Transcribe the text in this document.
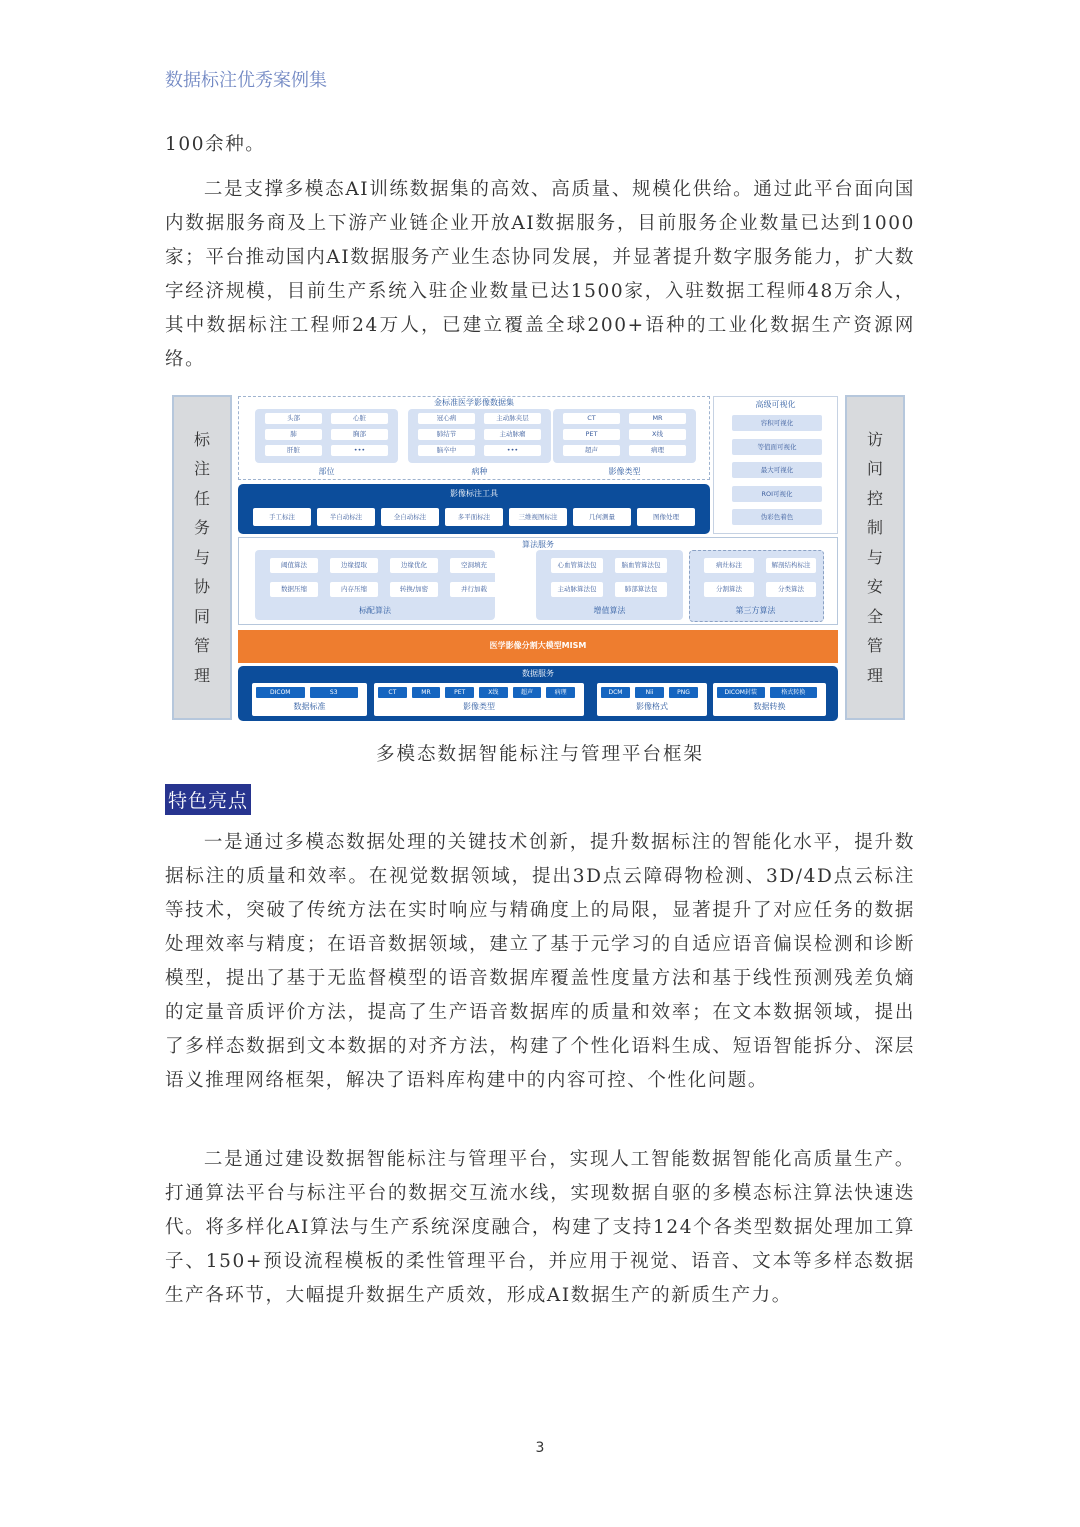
数据标注优秀案例集
100余种。
二是支撑多模态AI训练数据集的高效、高质量、规模化供给。通过此平台面向国内数据服务商及上下游产业链企业开放AI数据服务，目前服务企业数量已达到1000家；平台推动国内AI数据服务产业生态协同发展，并显著提升数字服务能力，扩大数字经济规模，目前生产系统入驻企业数量已达1500家，入驻数据工程师48万余人，其中数据标注工程师24万人，已建立覆盖全球200+语种的工业化数据生产资源网络。
多模态数据智能标注与管理平台框架
特色亮点
一是通过多模态数据处理的关键技术创新，提升数据标注的智能化水平，提升数据标注的质量和效率。在视觉数据领域，提出3D点云障碍物检测、3D/4D点云标注等技术，突破了传统方法在实时响应与精确度上的局限，显著提升了对应任务的数据处理效率与精度；在语音数据领域，建立了基于元学习的自适应语音偏误检测和诊断模型，提出了基于无监督模型的语音数据库覆盖性度量方法和基于线性预测残差负熵的定量音质评价方法，提高了生产语音数据库的质量和效率；在文本数据领域，提出了多样态数据到文本数据的对齐方法，构建了个性化语料生成、短语智能拆分、深层语义推理网络框架，解决了语料库构建中的内容可控、个性化问题。
二是通过建设数据智能标注与管理平台，实现人工智能数据智能化高质量生产。打通算法平台与标注平台的数据交互流水线，实现数据自驱的多模态标注算法快速迭代。将多样化AI算法与生产系统深度融合，构建了支持124个各类型数据处理加工算子、150+预设流程模板的柔性管理平台，并应用于视觉、语音、文本等多样态数据生产各环节，大幅提升数据生产质效，形成AI数据生产的新质生产力。
3
标
注
任
务
与
协
同
管
理
访
问
控
制
与
安
全
管
理
金标准医学影像数据集
头部	心脏
肺	胸部
肝脏	•••
部位
冠心病	主动脉夹层
肺结节	主动脉瘤
脑卒中	•••
病种
CT	MR
PET	X线
超声	病理
影像类型
影像标注工具
手工标注	半自动标注	全自动标注	多平面标注	三维视图标注	几何测量	图像处理
高级可视化
容积可视化
等值面可视化
最大可视化
ROI可视化
伪彩色着色
算法服务
阈值算法	边缘提取	边缘优化	空洞填充
数据压缩	内存压缩	转换/加密	并行加载
标配算法
心血管算法包	脑血管算法包
主动脉算法包	肺部算法包
增值算法
病灶标注	解剖结构标注
分割算法	分类算法
第三方算法
医学影像分割大模型MISM
数据服务
DICOM	S3
数据标准
CT	MR	PET	X线	超声	病理
影像类型
DCM	Nii	PNG
影像格式
DICOM封装	格式转换
数据转换
